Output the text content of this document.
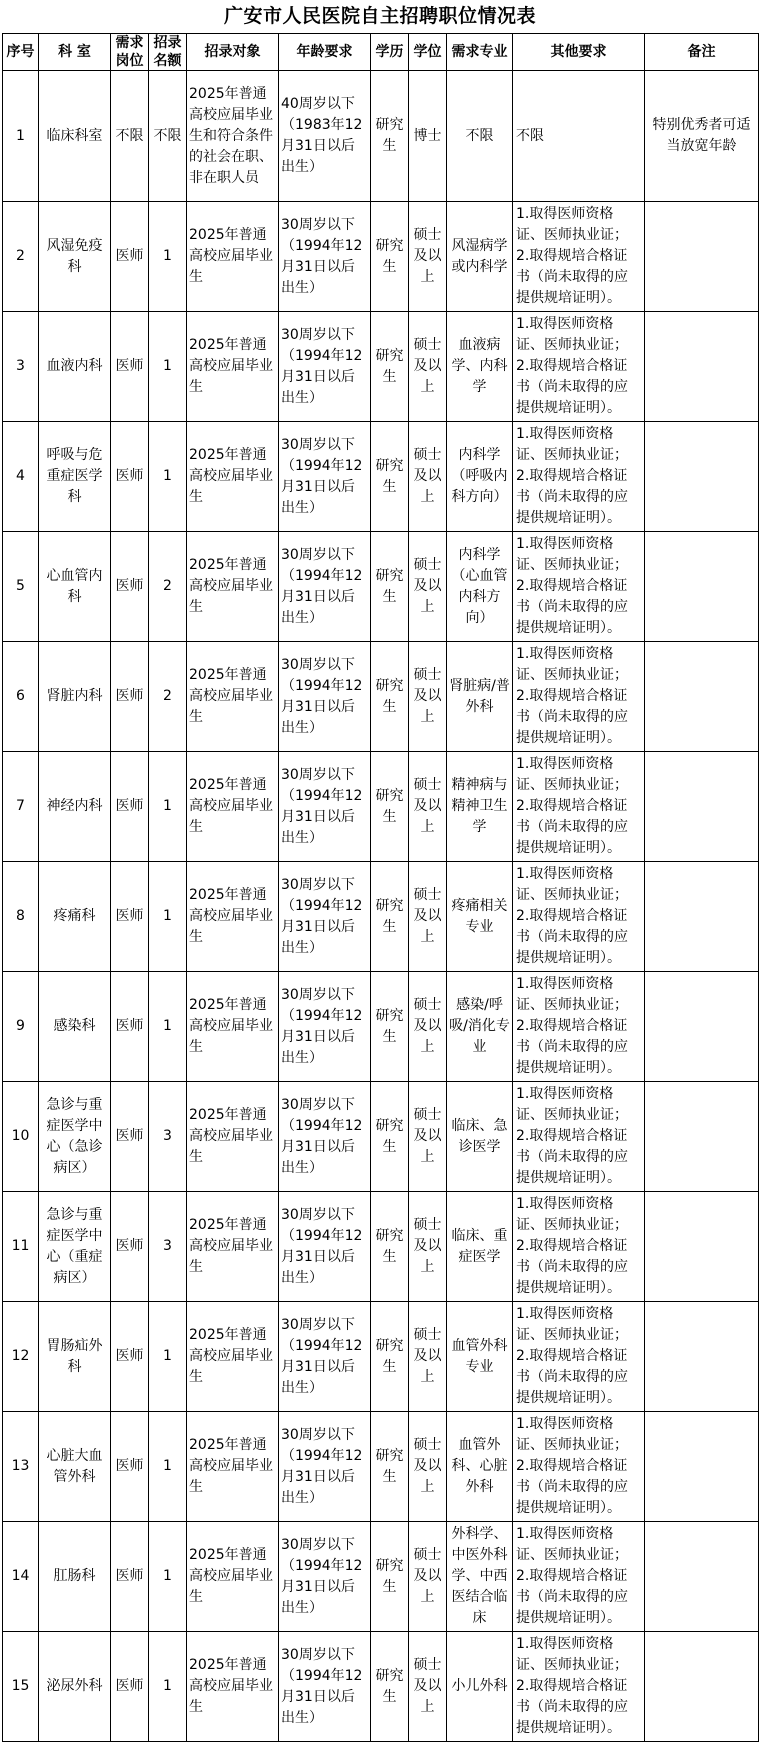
广安市人民医院自主招聘职位情况表
序号	科 室	需求岗位	招录名额	招录对象	年龄要求	学历	学位	需求专业	其他要求	备注
1	临床科室	不限	不限	2025年普通高校应届毕业生和符合条件的社会在职、非在职人员	40周岁以下（1983年12月31日以后出生）	研究生	博士	不限	不限	特别优秀者可适当放宽年龄
2	风湿免疫科	医师	1	2025年普通高校应届毕业生	30周岁以下（1994年12月31日以后出生）	研究生	硕士及以上	风湿病学或内科学	1.取得医师资格证、医师执业证；2.取得规培合格证书（尚未取得的应提供规培证明）。	
3	血液内科	医师	1	2025年普通高校应届毕业生	30周岁以下（1994年12月31日以后出生）	研究生	硕士及以上	血液病学、内科学	1.取得医师资格证、医师执业证；2.取得规培合格证书（尚未取得的应提供规培证明）。	
4	呼吸与危重症医学科	医师	1	2025年普通高校应届毕业生	30周岁以下（1994年12月31日以后出生）	研究生	硕士及以上	内科学（呼吸内科方向）	1.取得医师资格证、医师执业证；2.取得规培合格证书（尚未取得的应提供规培证明）。	
5	心血管内科	医师	2	2025年普通高校应届毕业生	30周岁以下（1994年12月31日以后出生）	研究生	硕士及以上	内科学（心血管内科方向）	1.取得医师资格证、医师执业证；2.取得规培合格证书（尚未取得的应提供规培证明）。	
6	肾脏内科	医师	2	2025年普通高校应届毕业生	30周岁以下（1994年12月31日以后出生）	研究生	硕士及以上	肾脏病/普外科	1.取得医师资格证、医师执业证；2.取得规培合格证书（尚未取得的应提供规培证明）。	
7	神经内科	医师	1	2025年普通高校应届毕业生	30周岁以下（1994年12月31日以后出生）	研究生	硕士及以上	精神病与精神卫生学	1.取得医师资格证、医师执业证；2.取得规培合格证书（尚未取得的应提供规培证明）。	
8	疼痛科	医师	1	2025年普通高校应届毕业生	30周岁以下（1994年12月31日以后出生）	研究生	硕士及以上	疼痛相关专业	1.取得医师资格证、医师执业证；2.取得规培合格证书（尚未取得的应提供规培证明）。	
9	感染科	医师	1	2025年普通高校应届毕业生	30周岁以下（1994年12月31日以后出生）	研究生	硕士及以上	感染/呼吸/消化专业	1.取得医师资格证、医师执业证；2.取得规培合格证书（尚未取得的应提供规培证明）。	
10	急诊与重症医学中心（急诊病区）	医师	3	2025年普通高校应届毕业生	30周岁以下（1994年12月31日以后出生）	研究生	硕士及以上	临床、急诊医学	1.取得医师资格证、医师执业证；2.取得规培合格证书（尚未取得的应提供规培证明）。	
11	急诊与重症医学中心（重症病区）	医师	3	2025年普通高校应届毕业生	30周岁以下（1994年12月31日以后出生）	研究生	硕士及以上	临床、重症医学	1.取得医师资格证、医师执业证；2.取得规培合格证书（尚未取得的应提供规培证明）。	
12	胃肠疝外科	医师	1	2025年普通高校应届毕业生	30周岁以下（1994年12月31日以后出生）	研究生	硕士及以上	血管外科专业	1.取得医师资格证、医师执业证；2.取得规培合格证书（尚未取得的应提供规培证明）。	
13	心脏大血管外科	医师	1	2025年普通高校应届毕业生	30周岁以下（1994年12月31日以后出生）	研究生	硕士及以上	血管外科、心脏外科	1.取得医师资格证、医师执业证；2.取得规培合格证书（尚未取得的应提供规培证明）。	
14	肛肠科	医师	1	2025年普通高校应届毕业生	30周岁以下（1994年12月31日以后出生）	研究生	硕士及以上	外科学、中医外科学、中西医结合临床	1.取得医师资格证、医师执业证；2.取得规培合格证书（尚未取得的应提供规培证明）。	
15	泌尿外科	医师	1	2025年普通高校应届毕业生	30周岁以下（1994年12月31日以后出生）	研究生	硕士及以上	小儿外科	1.取得医师资格证、医师执业证；2.取得规培合格证书（尚未取得的应提供规培证明）。	
